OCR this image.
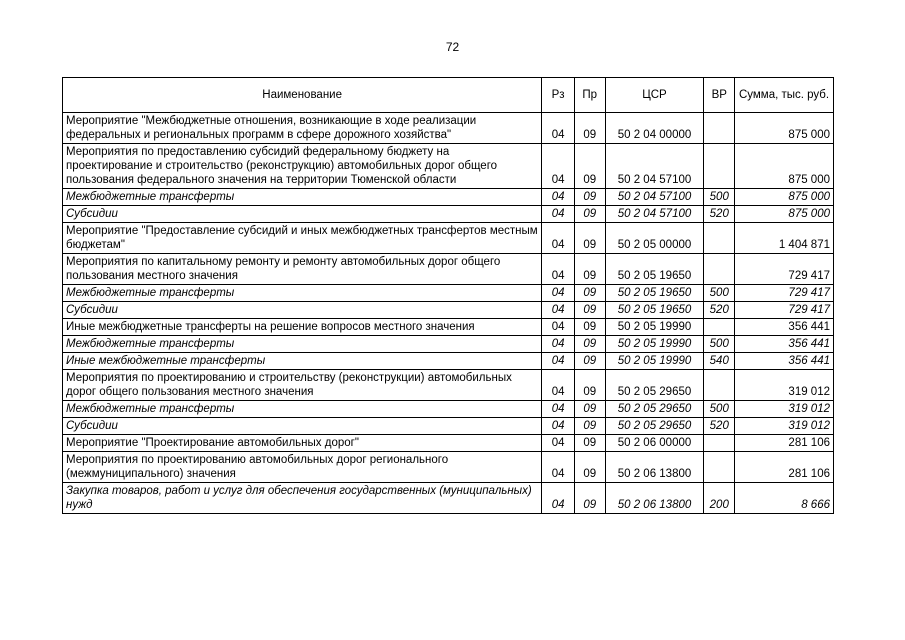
72
Наименование	Рз	Пр	ЦСР	ВР	Сумма, тыс. руб.
Мероприятие "Межбюджетные отношения, возникающие в ходе реализации федеральных и региональных программ в сфере дорожного хозяйства"	04	09	50 2 04 00000		875 000
Мероприятия по предоставлению субсидий федеральному бюджету на проектирование и строительство (реконструкцию) автомобильных дорог общего пользования федерального значения на территории Тюменской области	04	09	50 2 04 57100		875 000
Межбюджетные трансферты	04	09	50 2 04 57100	500	875 000
Субсидии	04	09	50 2 04 57100	520	875 000
Мероприятие "Предоставление субсидий и иных межбюджетных трансфертов местным бюджетам"	04	09	50 2 05 00000		1 404 871
Мероприятия по капитальному ремонту и ремонту автомобильных дорог общего пользования местного значения	04	09	50 2 05 19650		729 417
Межбюджетные трансферты	04	09	50 2 05 19650	500	729 417
Субсидии	04	09	50 2 05 19650	520	729 417
Иные межбюджетные трансферты на решение вопросов местного значения	04	09	50 2 05 19990		356 441
Межбюджетные трансферты	04	09	50 2 05 19990	500	356 441
Иные межбюджетные трансферты	04	09	50 2 05 19990	540	356 441
Мероприятия по проектированию и строительству (реконструкции) автомобильных дорог общего пользования местного значения	04	09	50 2 05 29650		319 012
Межбюджетные трансферты	04	09	50 2 05 29650	500	319 012
Субсидии	04	09	50 2 05 29650	520	319 012
Мероприятие "Проектирование автомобильных дорог"	04	09	50 2 06 00000		281 106
Мероприятия по проектированию автомобильных дорог регионального (межмуниципального) значения	04	09	50 2 06 13800		281 106
Закупка товаров, работ и услуг для обеспечения государственных (муниципальных) нужд	04	09	50 2 06 13800	200	8 666
